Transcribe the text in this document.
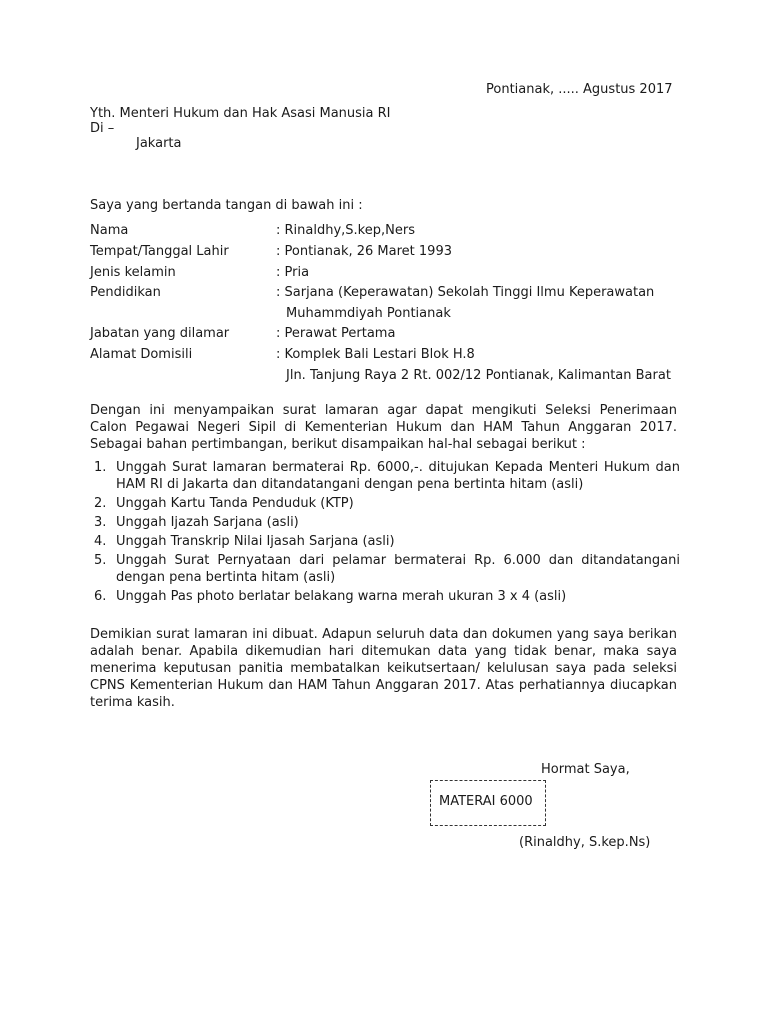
Pontianak, ..... Agustus 2017
Yth. Menteri Hukum dan Hak Asasi Manusia RI
Di –
Jakarta
Saya yang bertanda tangan di bawah ini :
Nama	: Rinaldhy,S.kep,Ners
Tempat/Tanggal Lahir	: Pontianak, 26 Maret 1993
Jenis kelamin	: Pria
Pendidikan	: Sarjana (Keperawatan) Sekolah Tinggi Ilmu Keperawatan
Muhammdiyah Pontianak
Jabatan yang dilamar	: Perawat Pertama
Alamat Domisili	: Komplek Bali Lestari Blok H.8
Jln. Tanjung Raya 2 Rt. 002/12 Pontianak, Kalimantan Barat
Dengan ini menyampaikan surat lamaran agar dapat mengikuti Seleksi Penerimaan Calon Pegawai Negeri Sipil di Kementerian Hukum dan HAM Tahun Anggaran 2017. Sebagai bahan pertimbangan, berikut disampaikan hal-hal sebagai berikut :
1. Unggah Surat lamaran bermaterai Rp. 6000,-. ditujukan Kepada Menteri Hukum dan HAM RI di Jakarta dan ditandatangani dengan pena bertinta hitam (asli)
2. Unggah Kartu Tanda Penduduk (KTP)
3. Unggah Ijazah Sarjana (asli)
4. Unggah Transkrip Nilai Ijasah Sarjana (asli)
5. Unggah Surat Pernyataan dari pelamar bermaterai Rp. 6.000 dan ditandatangani dengan pena bertinta hitam (asli)
6. Unggah Pas photo berlatar belakang warna merah ukuran 3 x 4 (asli)
Demikian surat lamaran ini dibuat. Adapun seluruh data dan dokumen yang saya berikan adalah benar. Apabila dikemudian hari ditemukan data yang tidak benar, maka saya menerima keputusan panitia membatalkan keikutsertaan/ kelulusan saya pada seleksi CPNS Kementerian Hukum dan HAM Tahun Anggaran 2017. Atas perhatiannya diucapkan terima kasih.
Hormat Saya,
MATERAI 6000
(Rinaldhy, S.kep.Ns)
